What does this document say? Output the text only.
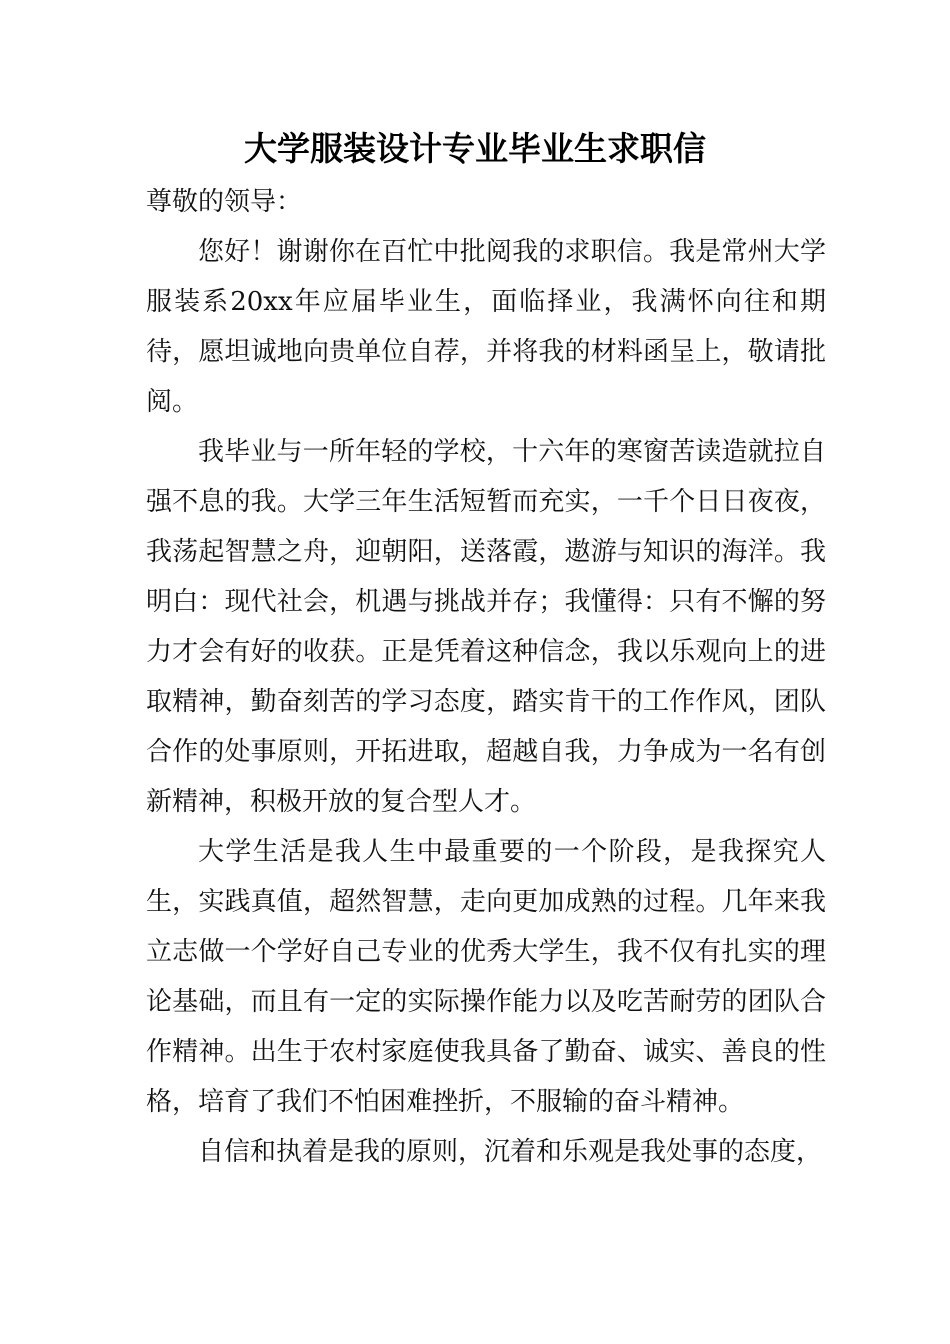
大学服装设计专业毕业生求职信

尊敬的领导：

您好！谢谢你在百忙中批阅我的求职信。我是常州大学服装系20xx年应届毕业生，面临择业，我满怀向往和期待，愿坦诚地向贵单位自荐，并将我的材料函呈上，敬请批阅。

我毕业与一所年轻的学校，十六年的寒窗苦读造就拉自强不息的我。大学三年生活短暂而充实，一千个日日夜夜，我荡起智慧之舟，迎朝阳，送落霞，遨游与知识的海洋。我明白：现代社会，机遇与挑战并存；我懂得：只有不懈的努力才会有好的收获。正是凭着这种信念，我以乐观向上的进取精神，勤奋刻苦的学习态度，踏实肯干的工作作风，团队合作的处事原则，开拓进取，超越自我，力争成为一名有创新精神，积极开放的复合型人才。

大学生活是我人生中最重要的一个阶段，是我探究人生，实践真值，超然智慧，走向更加成熟的过程。几年来我立志做一个学好自己专业的优秀大学生，我不仅有扎实的理论基础，而且有一定的实际操作能力以及吃苦耐劳的团队合作精神。出生于农村家庭使我具备了勤奋、诚实、善良的性格，培育了我们不怕困难挫折，不服输的奋斗精神。

自信和执着是我的原则，沉着和乐观是我处事的态度，
